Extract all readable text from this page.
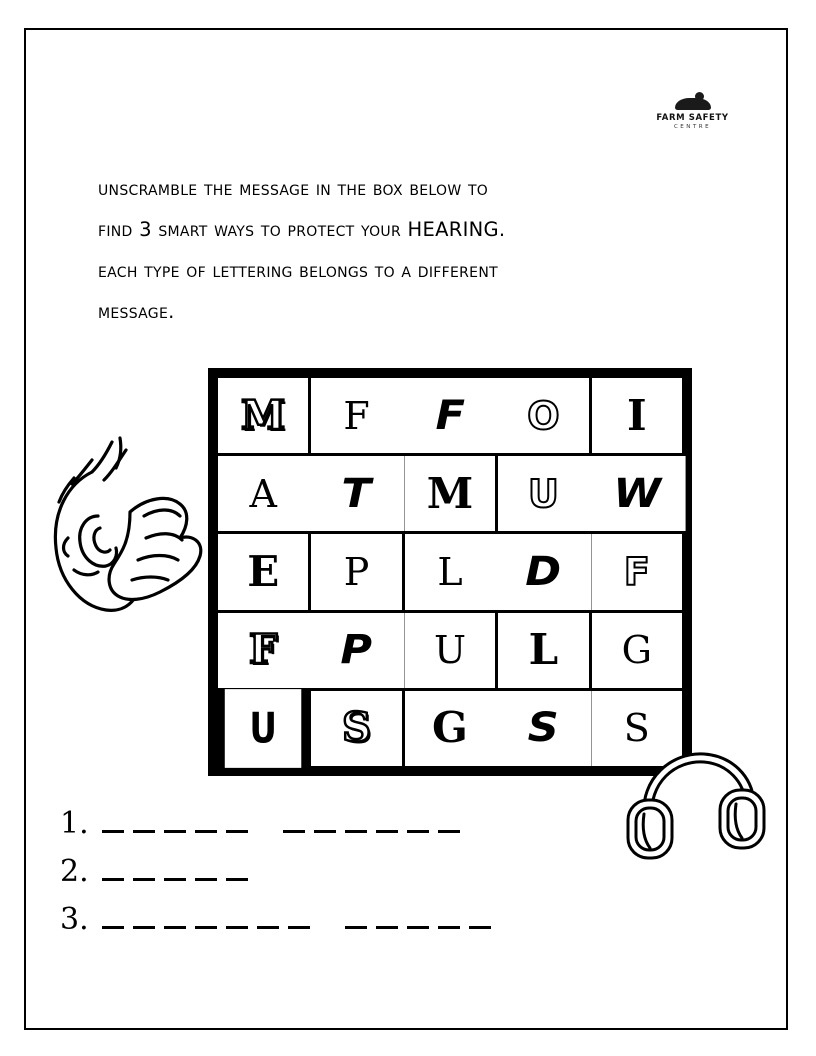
FARM SAFETY
CENTRE
unscramble the message in the box below to
find 3 smart ways to protect your HEARING.
each type of lettering belongs to a different
message.
M	F	F	O	I
A	T	M	U	W
E	P	L	D	F
F	P	U	L	G
U	S	G	S	S
1.
2.
3.
